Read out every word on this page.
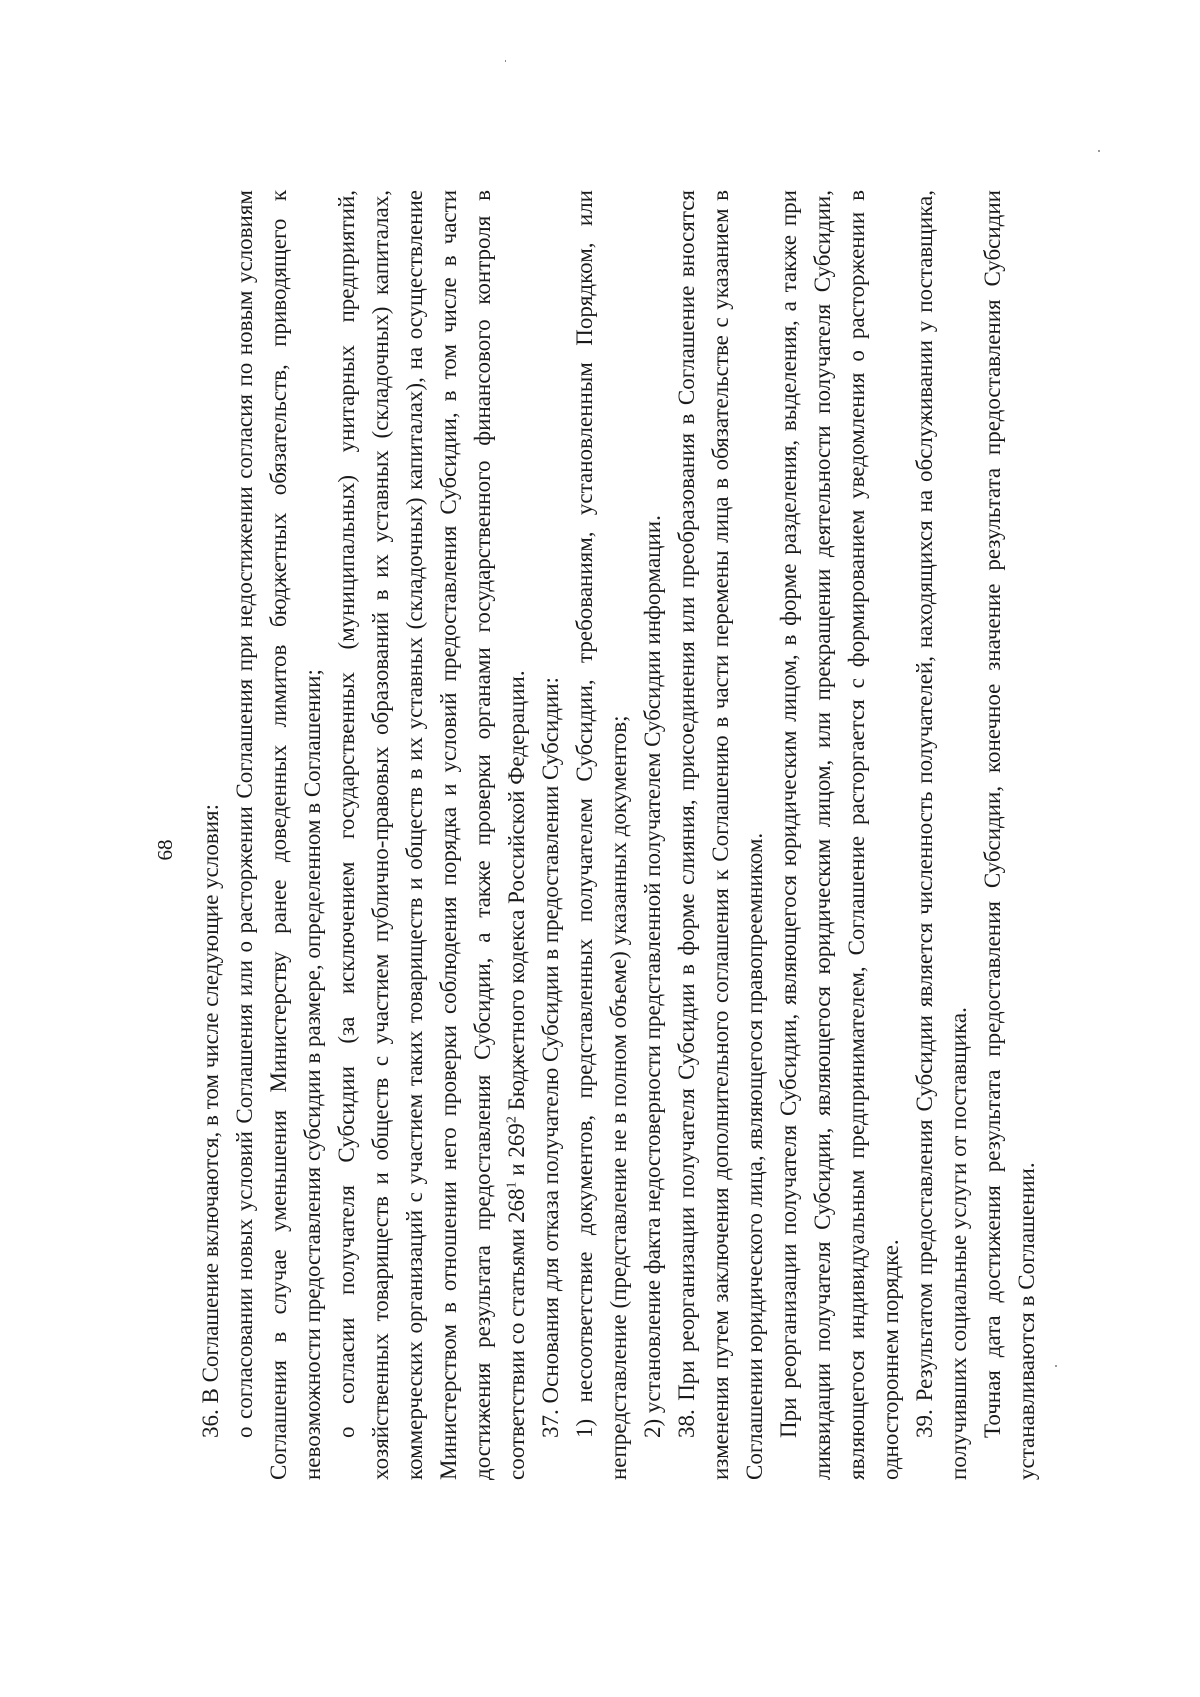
68 36. В Соглашение включаются, в том числе следующие условия: о согласовании новых условий Соглашения или о расторжении Соглашения при недостижении согласия по новым условиям Соглашения в случае уменьшения Министерству ранее доведенных лимитов бюджетных обязательств, приводящего к невозможности предоставления субсидии в размере, определенном в Соглашении; о согласии получателя Субсидии (за исключением государственных (муниципальных) унитарных предприятий, хозяйственных товариществ и обществ с участием публично-правовых образований в их уставных (складочных) капиталах, коммерческих организаций с участием таких товариществ и обществ в их уставных (складочных) капиталах), на осуществление Министерством в отношении него проверки соблюдения порядка и условий предоставления Субсидии, в том числе в части достижения результата предоставления Субсидии, а также проверки органами государственного финансового контроля в соответствии со статьями $268^1$ и $269^2$ Бюджетного кодекса Российской Федерации. 37. Основания для отказа получателю Субсидии в предоставлении Субсидии: 1) несоответствие документов, представленных получателем Субсидии, требованиям, установленным Порядком, или непредставление (представление не в полном объеме) указанных документов; 2) установление факта недостоверности представленной получателем Субсидии информации. 38. При реорганизации получателя Субсидии в форме слияния, присоединения или преобразования в Соглашение вносятся изменения путем заключения дополнительного соглашения к Соглашению в части перемены лица в обязательстве с указанием в Соглашении юридического лица, являющегося правопреемником. При реорганизации получателя Субсидии, являющегося юридическим лицом, в форме разделения, выделения, а также при ликвидации получателя Субсидии, являющегося юридическим лицом, или прекращении деятельности получателя Субсидии, являющегося индивидуальным предпринимателем, Соглашение расторгается с формированием уведомления о расторжении в одностороннем порядке. 39. Результатом предоставления Субсидии является численность получателей, находящихся на обслуживании у поставщика, получивших социальные услуги от поставщика. Точная дата достижения результата предоставления Субсидии, конечное значение результата предоставления Субсидии устанавливаются в Соглашении.
